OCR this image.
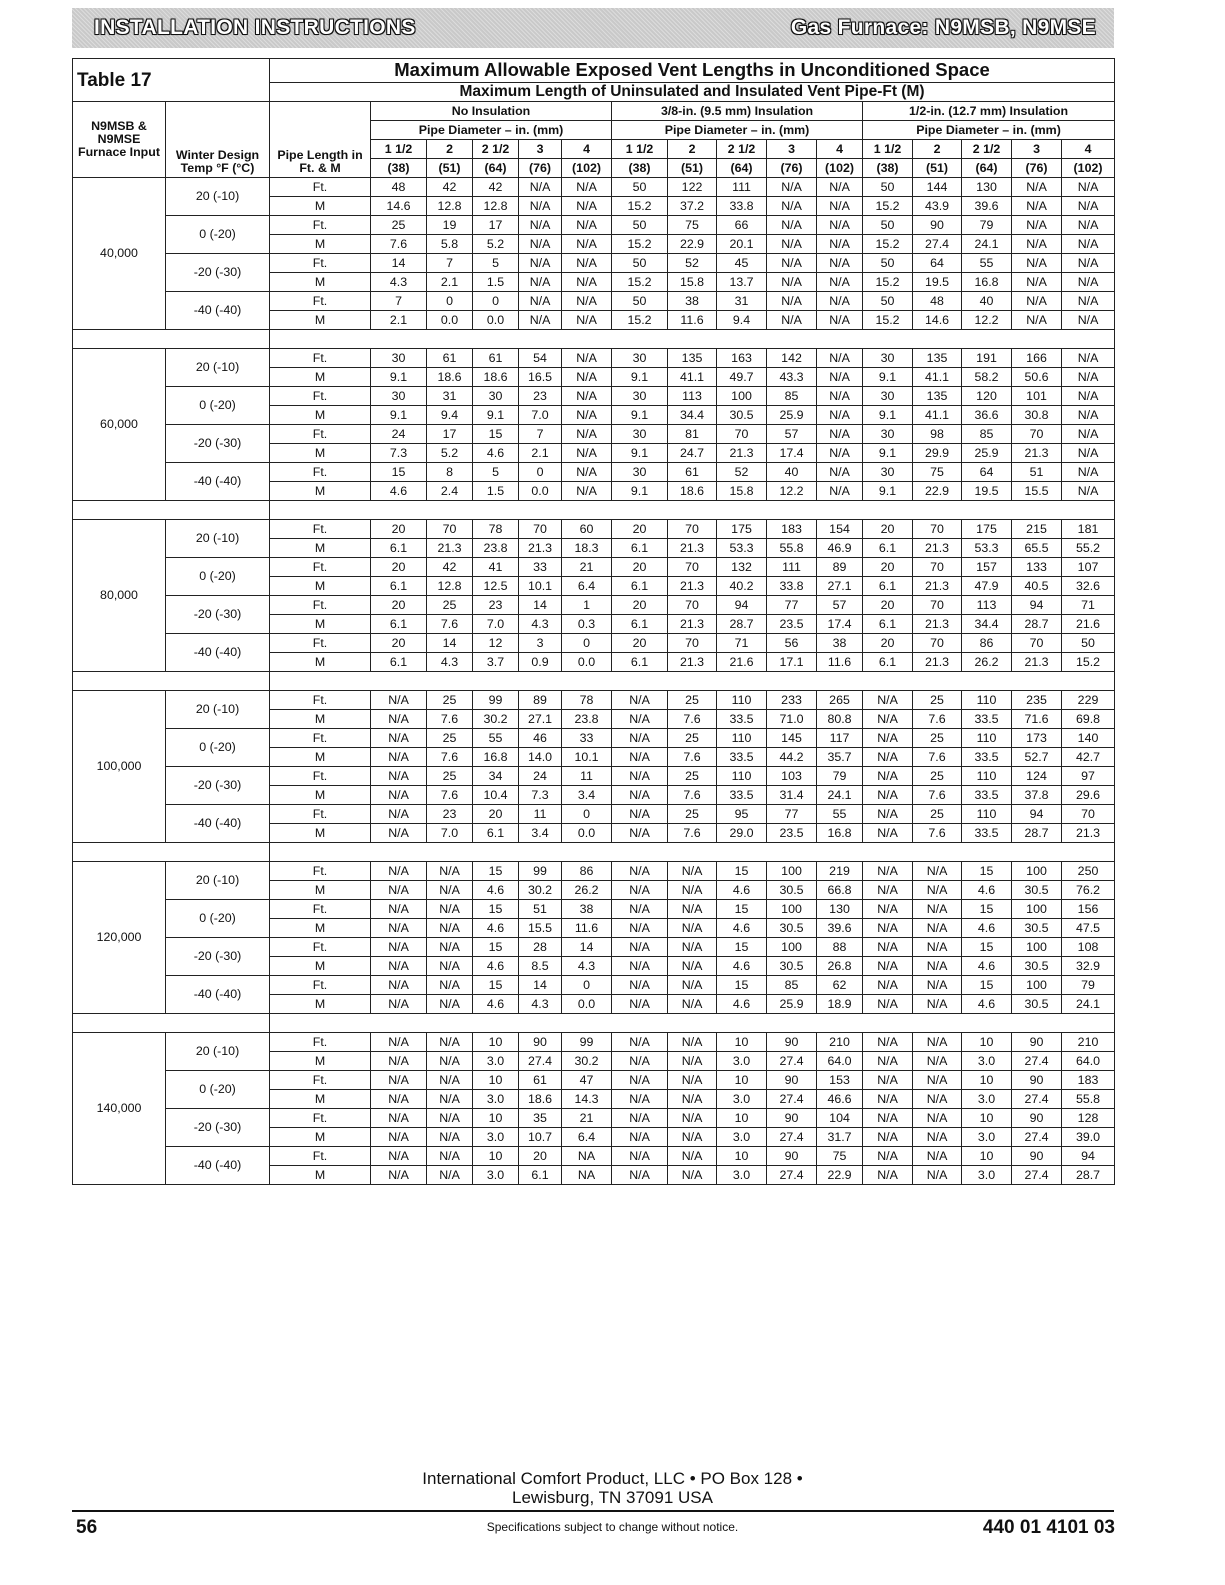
INSTALLATION INSTRUCTIONS	Gas Furnace: N9MSB, N9MSE
Table 17		Maximum Allowable Exposed Vent Lengths in Unconditioned Space															
		Maximum Length of Uninsulated and Insulated Vent Pipe-Ft (M)															
N9MSB & N9MSE Furnace Input	Winter Design Temp °F (°C)	Pipe Length in Ft. & M	No Insulation					3/8-in. (9.5 mm) Insulation					1/2-in. (12.7 mm) Insulation				
			Pipe Diameter – in. (mm)					Pipe Diameter – in. (mm)					Pipe Diameter – in. (mm)				
			1 1/2	2	2 1/2	3	4	1 1/2	2	2 1/2	3	4	1 1/2	2	2 1/2	3	4
			(38)	(51)	(64)	(76)	(102)	(38)	(51)	(64)	(76)	(102)	(38)	(51)	(64)	(76)	(102)
40,000	20 (-10)	Ft.	48	42	42	N/A	N/A	50	122	111	N/A	N/A	50	144	130	N/A	N/A
		M	14.6	12.8	12.8	N/A	N/A	15.2	37.2	33.8	N/A	N/A	15.2	43.9	39.6	N/A	N/A
	0 (-20)	Ft.	25	19	17	N/A	N/A	50	75	66	N/A	N/A	50	90	79	N/A	N/A
		M	7.6	5.8	5.2	N/A	N/A	15.2	22.9	20.1	N/A	N/A	15.2	27.4	24.1	N/A	N/A
	-20 (-30)	Ft.	14	7	5	N/A	N/A	50	52	45	N/A	N/A	50	64	55	N/A	N/A
		M	4.3	2.1	1.5	N/A	N/A	15.2	15.8	13.7	N/A	N/A	15.2	19.5	16.8	N/A	N/A
	-40 (-40)	Ft.	7	0	0	N/A	N/A	50	38	31	N/A	N/A	50	48	40	N/A	N/A
		M	2.1	0.0	0.0	N/A	N/A	15.2	11.6	9.4	N/A	N/A	15.2	14.6	12.2	N/A	N/A

60,000	20 (-10)	Ft.	30	61	61	54	N/A	30	135	163	142	N/A	30	135	191	166	N/A
		M	9.1	18.6	18.6	16.5	N/A	9.1	41.1	49.7	43.3	N/A	9.1	41.1	58.2	50.6	N/A
	0 (-20)	Ft.	30	31	30	23	N/A	30	113	100	85	N/A	30	135	120	101	N/A
		M	9.1	9.4	9.1	7.0	N/A	9.1	34.4	30.5	25.9	N/A	9.1	41.1	36.6	30.8	N/A
	-20 (-30)	Ft.	24	17	15	7	N/A	30	81	70	57	N/A	30	98	85	70	N/A
		M	7.3	5.2	4.6	2.1	N/A	9.1	24.7	21.3	17.4	N/A	9.1	29.9	25.9	21.3	N/A
	-40 (-40)	Ft.	15	8	5	0	N/A	30	61	52	40	N/A	30	75	64	51	N/A
		M	4.6	2.4	1.5	0.0	N/A	9.1	18.6	15.8	12.2	N/A	9.1	22.9	19.5	15.5	N/A

80,000	20 (-10)	Ft.	20	70	78	70	60	20	70	175	183	154	20	70	175	215	181
		M	6.1	21.3	23.8	21.3	18.3	6.1	21.3	53.3	55.8	46.9	6.1	21.3	53.3	65.5	55.2
	0 (-20)	Ft.	20	42	41	33	21	20	70	132	111	89	20	70	157	133	107
		M	6.1	12.8	12.5	10.1	6.4	6.1	21.3	40.2	33.8	27.1	6.1	21.3	47.9	40.5	32.6
	-20 (-30)	Ft.	20	25	23	14	1	20	70	94	77	57	20	70	113	94	71
		M	6.1	7.6	7.0	4.3	0.3	6.1	21.3	28.7	23.5	17.4	6.1	21.3	34.4	28.7	21.6
	-40 (-40)	Ft.	20	14	12	3	0	20	70	71	56	38	20	70	86	70	50
		M	6.1	4.3	3.7	0.9	0.0	6.1	21.3	21.6	17.1	11.6	6.1	21.3	26.2	21.3	15.2

100,000	20 (-10)	Ft.	N/A	25	99	89	78	N/A	25	110	233	265	N/A	25	110	235	229
		M	N/A	7.6	30.2	27.1	23.8	N/A	7.6	33.5	71.0	80.8	N/A	7.6	33.5	71.6	69.8
	0 (-20)	Ft.	N/A	25	55	46	33	N/A	25	110	145	117	N/A	25	110	173	140
		M	N/A	7.6	16.8	14.0	10.1	N/A	7.6	33.5	44.2	35.7	N/A	7.6	33.5	52.7	42.7
	-20 (-30)	Ft.	N/A	25	34	24	11	N/A	25	110	103	79	N/A	25	110	124	97
		M	N/A	7.6	10.4	7.3	3.4	N/A	7.6	33.5	31.4	24.1	N/A	7.6	33.5	37.8	29.6
	-40 (-40)	Ft.	N/A	23	20	11	0	N/A	25	95	77	55	N/A	25	110	94	70
		M	N/A	7.0	6.1	3.4	0.0	N/A	7.6	29.0	23.5	16.8	N/A	7.6	33.5	28.7	21.3

120,000	20 (-10)	Ft.	N/A	N/A	15	99	86	N/A	N/A	15	100	219	N/A	N/A	15	100	250
		M	N/A	N/A	4.6	30.2	26.2	N/A	N/A	4.6	30.5	66.8	N/A	N/A	4.6	30.5	76.2
	0 (-20)	Ft.	N/A	N/A	15	51	38	N/A	N/A	15	100	130	N/A	N/A	15	100	156
		M	N/A	N/A	4.6	15.5	11.6	N/A	N/A	4.6	30.5	39.6	N/A	N/A	4.6	30.5	47.5
	-20 (-30)	Ft.	N/A	N/A	15	28	14	N/A	N/A	15	100	88	N/A	N/A	15	100	108
		M	N/A	N/A	4.6	8.5	4.3	N/A	N/A	4.6	30.5	26.8	N/A	N/A	4.6	30.5	32.9
	-40 (-40)	Ft.	N/A	N/A	15	14	0	N/A	N/A	15	85	62	N/A	N/A	15	100	79
		M	N/A	N/A	4.6	4.3	0.0	N/A	N/A	4.6	25.9	18.9	N/A	N/A	4.6	30.5	24.1

140,000	20 (-10)	Ft.	N/A	N/A	10	90	99	N/A	N/A	10	90	210	N/A	N/A	10	90	210
		M	N/A	N/A	3.0	27.4	30.2	N/A	N/A	3.0	27.4	64.0	N/A	N/A	3.0	27.4	64.0
	0 (-20)	Ft.	N/A	N/A	10	61	47	N/A	N/A	10	90	153	N/A	N/A	10	90	183
		M	N/A	N/A	3.0	18.6	14.3	N/A	N/A	3.0	27.4	46.6	N/A	N/A	3.0	27.4	55.8
	-20 (-30)	Ft.	N/A	N/A	10	35	21	N/A	N/A	10	90	104	N/A	N/A	10	90	128
		M	N/A	N/A	3.0	10.7	6.4	N/A	N/A	3.0	27.4	31.7	N/A	N/A	3.0	27.4	39.0
	-40 (-40)	Ft.	N/A	N/A	10	20	NA	N/A	N/A	10	90	75	N/A	N/A	10	90	94
		M	N/A	N/A	3.0	6.1	NA	N/A	N/A	3.0	27.4	22.9	N/A	N/A	3.0	27.4	28.7
International Comfort Product, LLC • PO Box 128 •
Lewisburg, TN 37091 USA
56	Specifications subject to change without notice.	440 01 4101 03
